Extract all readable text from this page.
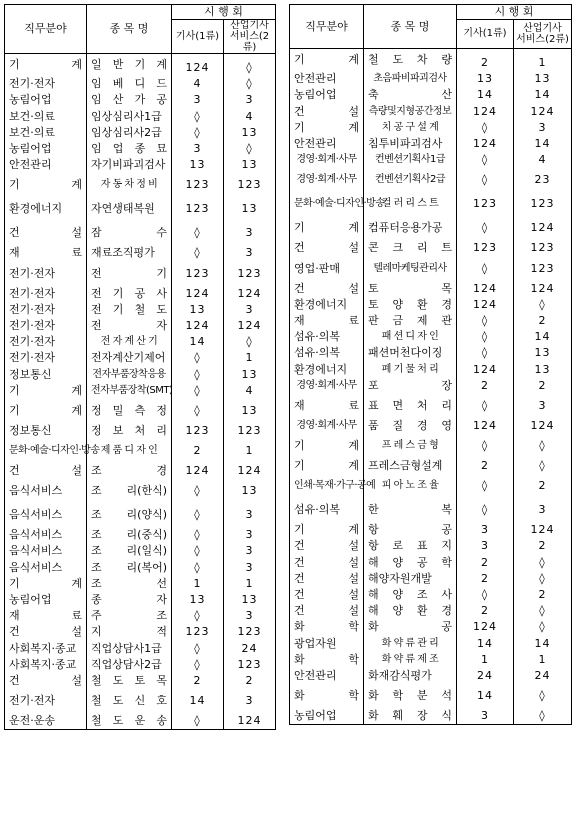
직무분야	종 목 명	시 행 회	
		기사(1류)	산업기사
서비스(2류)
기 계	일 반 기 계	124	◊
전기·전자	임 베 디 드	4	◊
농림어업	임 산 가 공	3	3
보건·의료	임상심리사1급	◊	4
보건·의료	임상심리사2급	◊	13
농림어업	임 업 종 묘	3	◊
안전관리	자기비파괴검사	13	13
기 계	자 동 차 정 비	123	123
환경에너지	자연생태복원	123	13
건 설	잠 수	◊	3
재 료	재료조직평가	◊	3
전기·전자	전 기	123	123
전기·전자	전 기 공 사	124	124
전기·전자	전 기 철 도	13	3
전기·전자	전 자	124	124
전기·전자	전 자 계 산 기	14	◊
전기·전자	전자계산기제어	◊	1
정보통신	전자부품장착응용	◊	13
기 계	전자부품장착(SMT)	◊	4
기 계	정 밀 측 정	◊	13
정보통신	정 보 처 리	123	123
문화·예술·디자인·방송	제 품 디 자 인	2	1
건 설	조 경	124	124
음식서비스	조 리(한식)	◊	13
음식서비스	조 리(양식)	◊	3
음식서비스	조 리(중식)	◊	3
음식서비스	조 리(일식)	◊	3
음식서비스	조 리(복어)	◊	3
기 계	조 선	1	1
농림어업	종 자	13	13
재 료	주 조	◊	3
건 설	지 적	123	123
사회복지·종교	직업상담사1급	◊	24
사회복지·종교	직업상담사2급	◊	123
건 설	철 도 토 목	2	2
전기·전자	철 도 신 호	14	3
운전·운송	철 도 운 송	◊	124
직무분야	종 목 명	시 행 회	
		기사(1류)	산업기사
서비스(2류)
기 계	철 도 차 량	2	1
안전관리	초음파비파괴검사	13	13
농림어업	축 산	14	14
건 설	측량및지형공간정보	124	124
기 계	치 공 구 설 계	◊	3
안전관리	침투비파괴검사	124	14
경영·회계·사무	컨벤션기획사1급	◊	4
경영·회계·사무	컨벤션기획사2급	◊	23
문화·예술·디자인·방송	컬 러 리 스 트	123	123
기 계	컴퓨터응용가공	◊	124
건 설	콘 크 리 트	123	123
영업·판매	텔레마케팅관리사	◊	123
건 설	토 목	124	124
환경에너지	토 양 환 경	124	◊
재 료	판 금 제 관	◊	2
섬유·의복	패 션 디 자 인	◊	14
섬유·의복	패션머천다이징	◊	13
환경에너지	폐 기 물 처 리	124	13
경영·회계·사무	포 장	2	2
재 료	표 면 처 리	◊	3
경영·회계·사무	품 질 경 영	124	124
기 계	프 레 스 금 형	◊	◊
기 계	프레스금형설계	2	◊
인쇄·목재·가구·공예	피 아 노 조 율	◊	2
섬유·의복	한 복	◊	3
기 계	항 공	3	124
건 설	항 로 표 지	3	2
건 설	해 양 공 학	2	◊
건 설	해양자원개발	2	◊
건 설	해 양 조 사	◊	2
건 설	해 양 환 경	2	◊
화 학	화 공	124	◊
광업자원	화 약 류 관 리	14	14
화 학	화 약 류 제 조	1	1
안전관리	화재감식평가	24	24
화 학	화 학 분 석	14	◊
농림어업	화 훼 장 식	3	◊
